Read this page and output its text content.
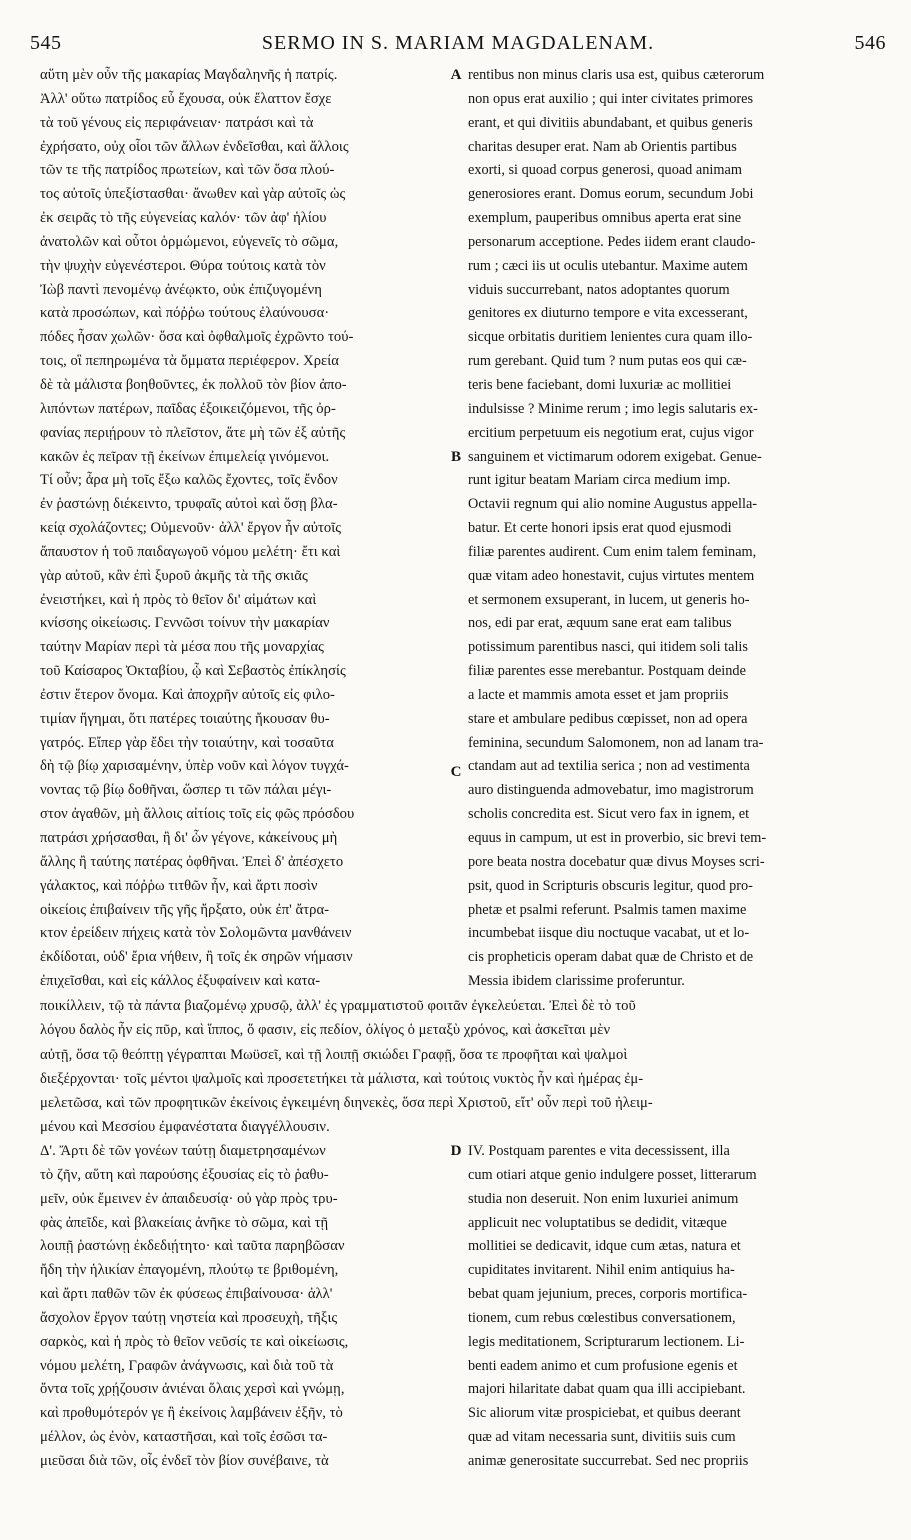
545	SERMO IN S. MARIAM MAGDALENAM.	546
αὕτη μὲν οὖν τῆς μακαρίας Μαγδαληνῆς ἡ πατρίς.
Ἀλλ' οὕτω πατρίδος εὖ ἔχουσα, οὐκ ἔλαττον ἔσχε
τὰ τοῦ γένους εἰς περιφάνειαν· πατράσι καὶ τὰ
ἐχρήσατο, οὐχ οἷοι τῶν ἄλλων ἐνδεῖσθαι, καὶ ἄλλοις
τῶν τε τῆς πατρίδος πρωτείων, καὶ τῶν ὅσα πλού-
τος αὐτοῖς ὑπεξίστασθαι· ἄνωθεν καὶ γὰρ αὐτοῖς ὡς
ἐκ σειρᾶς τὸ τῆς εὐγενείας καλόν· τῶν ἀφ' ἡλίου
ἀνατολῶν καὶ οὗτοι ὁρμώμενοι, εὐγενεῖς τὸ σῶμα,
τὴν ψυχὴν εὐγενέστεροι. Θύρα τούτοις κατὰ τὸν
Ἰὼβ παντὶ πενομένῳ ἀνέῳκτο, οὐκ ἐπιζυγομένη
κατὰ προσώπων, καὶ πόῤῥω τούτους ἐλαύνουσα·
πόδες ἦσαν χωλῶν· ὅσα καὶ ὀφθαλμοῖς ἐχρῶντο τού-
τοις, οἳ πεπηρωμένα τὰ ὄμματα περιέφερον. Χρεία
δὲ τὰ μάλιστα βοηθοῦντες, ἐκ πολλοῦ τὸν βίον ἀπο-
λιπόντων πατέρων, παῖδας ἐξοικειζόμενοι, τῆς ὀρ-
φανίας περιῄρουν τὸ πλεῖστον, ἅτε μὴ τῶν ἐξ αὐτῆς
κακῶν ἐς πεῖραν τῇ ἐκείνων ἐπιμελείᾳ γινόμενοι.
Τί οὖν; ἆρα μὴ τοῖς ἔξω καλῶς ἔχοντες, τοῖς ἔνδον
ἐν ῥαστώνῃ διέκειντο, τρυφαῖς αὐτοὶ καὶ ὅσῃ βλα-
κείᾳ σχολάζοντες; Οὐμενοῦν· ἀλλ' ἔργον ἦν αὐτοῖς
ἄπαυστον ἡ τοῦ παιδαγωγοῦ νόμου μελέτη· ἔτι καὶ
γὰρ αὐτοῦ, κἂν ἐπὶ ξυροῦ ἀκμῆς τὰ τῆς σκιᾶς
ἐνειστήκει, καὶ ἡ πρὸς τὸ θεῖον δι' αἱμάτων καὶ
κνίσσης οἰκείωσις. Γεννῶσι τοίνυν τὴν μακαρίαν
ταύτην Μαρίαν περὶ τὰ μέσα που τῆς μοναρχίας
τοῦ Καίσαρος Ὀκταβίου, ᾧ καὶ Σεβαστὸς ἐπίκλησίς
ἐστιν ἕτερον ὄνομα. Καὶ ἀποχρῆν αὐτοῖς εἰς φιλο-
τιμίαν ἥγημαι, ὅτι πατέρες τοιαύτης ἤκουσαν θυ-
γατρός. Εἴπερ γὰρ ἔδει τὴν τοιαύτην, καὶ τοσαῦτα
δὴ τῷ βίῳ χαρισαμένην, ὑπὲρ νοῦν καὶ λόγον τυγχά-
νοντας τῷ βίῳ δοθῆναι, ὥσπερ τι τῶν πάλαι μέγι-
στον ἀγαθῶν, μὴ ἄλλοις αἰτίοις τοῖς εἰς φῶς πρόσδου
πατράσι χρήσασθαι, ἢ δι' ὧν γέγονε, κἀκείνους μὴ
ἄλλης ἢ ταύτης πατέρας ὀφθῆναι. Ἐπεὶ δ' ἀπέσχετο
γάλακτος, καὶ πόῤῥω τιτθῶν ἦν, καὶ ἄρτι ποσὶν
οἰκείοις ἐπιβαίνειν τῆς γῆς ἤρξατο, οὐκ ἐπ' ἄτρα-
κτον ἐρείδειν πήχεις κατὰ τὸν Σολομῶντα μανθάνειν
ἐκδίδοται, οὐδ' ἔρια νήθειν, ἢ τοῖς ἐκ σηρῶν νήμασιν
ἐπιχεῖσθαι, καὶ εἰς κάλλος ἐξυφαίνειν καὶ κατα-
rentibus non minus claris usa est, quibus cæterorum
non opus erat auxilio ; qui inter civitates primores
erant, et qui divitiis abundabant, et quibus generis
charitas desuper erat. Nam ab Orientis partibus
exorti, si quoad corpus generosi, quoad animam
generosiores erant. Domus eorum, secundum Jobi
exemplum, pauperibus omnibus aperta erat sine
personarum acceptione. Pedes iidem erant claudo-
rum ; cæci iis ut oculis utebantur. Maxime autem
viduis succurrebant, natos adoptantes quorum
genitores ex diuturno tempore e vita excesserant,
sicque orbitatis duritiem lenientes cura quam illo-
rum gerebant. Quid tum ? num putas eos qui cæ-
teris bene faciebant, domi luxuriæ ac mollitiei
indulsisse ? Minime rerum ; imo legis salutaris ex-
ercitium perpetuum eis negotium erat, cujus vigor
sanguinem et victimarum odorem exigebat. Genue-
runt igitur beatam Mariam circa medium imp.
Octavii regnum qui alio nomine Augustus appella-
batur. Et certe honori ipsis erat quod ejusmodi
filiæ parentes audirent. Cum enim talem feminam,
quæ vitam adeo honestavit, cujus virtutes mentem
et sermonem exsuperant, in lucem, ut generis ho-
nos, edi par erat, æquum sane erat eam talibus
potissimum parentibus nasci, qui itidem soli talis
filiæ parentes esse merebantur. Postquam deinde
a lacte et mammis amota esset et jam propriis
stare et ambulare pedibus cœpisset, non ad opera
feminina, secundum Salomonem, non ad lanam tra-
ctandam aut ad textilia serica ; non ad vestimenta
auro distinguenda admovebatur, imo magistrorum
scholis concredita est. Sicut vero fax in ignem, et
equus in campum, ut est in proverbio, sic brevi tem-
pore beata nostra docebatur quæ divus Moyses scri-
psit, quod in Scripturis obscuris legitur, quod pro-
phetæ et psalmi referunt. Psalmis tamen maxime
incumbebat iisque diu noctuque vacabat, ut et lo-
cis propheticis operam dabat quæ de Christo et de
Messia ibidem clarissime proferuntur.
ποικίλλειν, τῷ τὰ πάντα βιαζομένῳ χρυσῷ, ἀλλ' ἐς γραμματιστοῦ φοιτᾶν ἐγκελεύεται. Ἐπεὶ δὲ τὸ τοῦ
λόγου δαλὸς ἦν εἰς πῦρ, καὶ ἵππος, ὅ φασιν, εἰς πεδίον, ὀλίγος ὁ μεταξὺ χρόνος, καὶ ἀσκεῖται μὲν
αὐτῇ, ὅσα τῷ θεόπτῃ γέγραπται Μωϋσεῖ, καὶ τῇ λοιπῇ σκιώδει Γραφῇ, ὅσα τε προφῆται καὶ ψαλμοὶ
διεξέρχονται· τοῖς μέντοι ψαλμοῖς καὶ προσετετήκει τὰ μάλιστα, καὶ τούτοις νυκτὸς ἦν καὶ ἡμέρας ἐμ-
μελετῶσα, καὶ τῶν προφητικῶν ἐκείνοις ἐγκειμένη διηνεκὲς, ὅσα περὶ Χριστοῦ, εἴτ' οὖν περὶ τοῦ ἠλειμ-
μένου καὶ Μεσσίου ἐμφανέστατα διαγγέλλουσιν.
Δ'. Ἄρτι δὲ τῶν γονέων ταύτῃ διαμετρησαμένων
τὸ ζῆν, αὕτη καὶ παρούσης ἐξουσίας εἰς τὸ ῥαθυ-
μεῖν, οὐκ ἔμεινεν ἐν ἀπαιδευσίᾳ· οὐ γὰρ πρὸς τρυ-
φὰς ἀπεῖδε, καὶ βλακείαις ἀνῆκε τὸ σῶμα, καὶ τῇ
λοιπῇ ῥαστώνῃ ἐκδεδιῄτητο· καὶ ταῦτα παρηβῶσαν
ἤδη τὴν ἡλικίαν ἐπαγομένη, πλούτῳ τε βριθομένη,
καὶ ἄρτι παθῶν τῶν ἐκ φύσεως ἐπιβαίνουσα· ἀλλ'
ἄσχολον ἔργον ταύτῃ νηστεία καὶ προσευχὴ, τῆξις
σαρκὸς, καὶ ἡ πρὸς τὸ θεῖον νεῦσίς τε καὶ οἰκείωσις,
νόμου μελέτη, Γραφῶν ἀνάγνωσις, καὶ διὰ τοῦ τὰ
ὄντα τοῖς χρῄζουσιν ἀνιέναι ὅλαις χερσὶ καὶ γνώμῃ,
καὶ προθυμότερόν γε ἢ ἐκείνοις λαμβάνειν ἐξῆν, τὸ
μέλλον, ὡς ἐνὸν, καταστῆσαι, καὶ τοῖς ἐσῶσι τα-
μιεῦσαι διὰ τῶν, οἷς ἐνδεῖ τὸν βίον συνέβαινε, τὰ
IV. Postquam parentes e vita decessissent, illa
cum otiari atque genio indulgere posset, litterarum
studia non deseruit. Non enim luxuriei animum
applicuit nec voluptatibus se dedidit, vitæque
mollitiei se dedicavit, idque cum ætas, natura et
cupiditates invitarent. Nihil enim antiquius ha-
bebat quam jejunium, preces, corporis mortifica-
tionem, cum rebus cœlestibus conversationem,
legis meditationem, Scripturarum lectionem. Li-
benti eadem animo et cum profusione egenis et
majori hilaritate dabat quam qua illi accipiebant.
Sic aliorum vitæ prospiciebat, et quibus deerant
quæ ad vitam necessaria sunt, divitiis suis cum
animæ generositate succurrebat. Sed nec propriis
A
B
C
D
